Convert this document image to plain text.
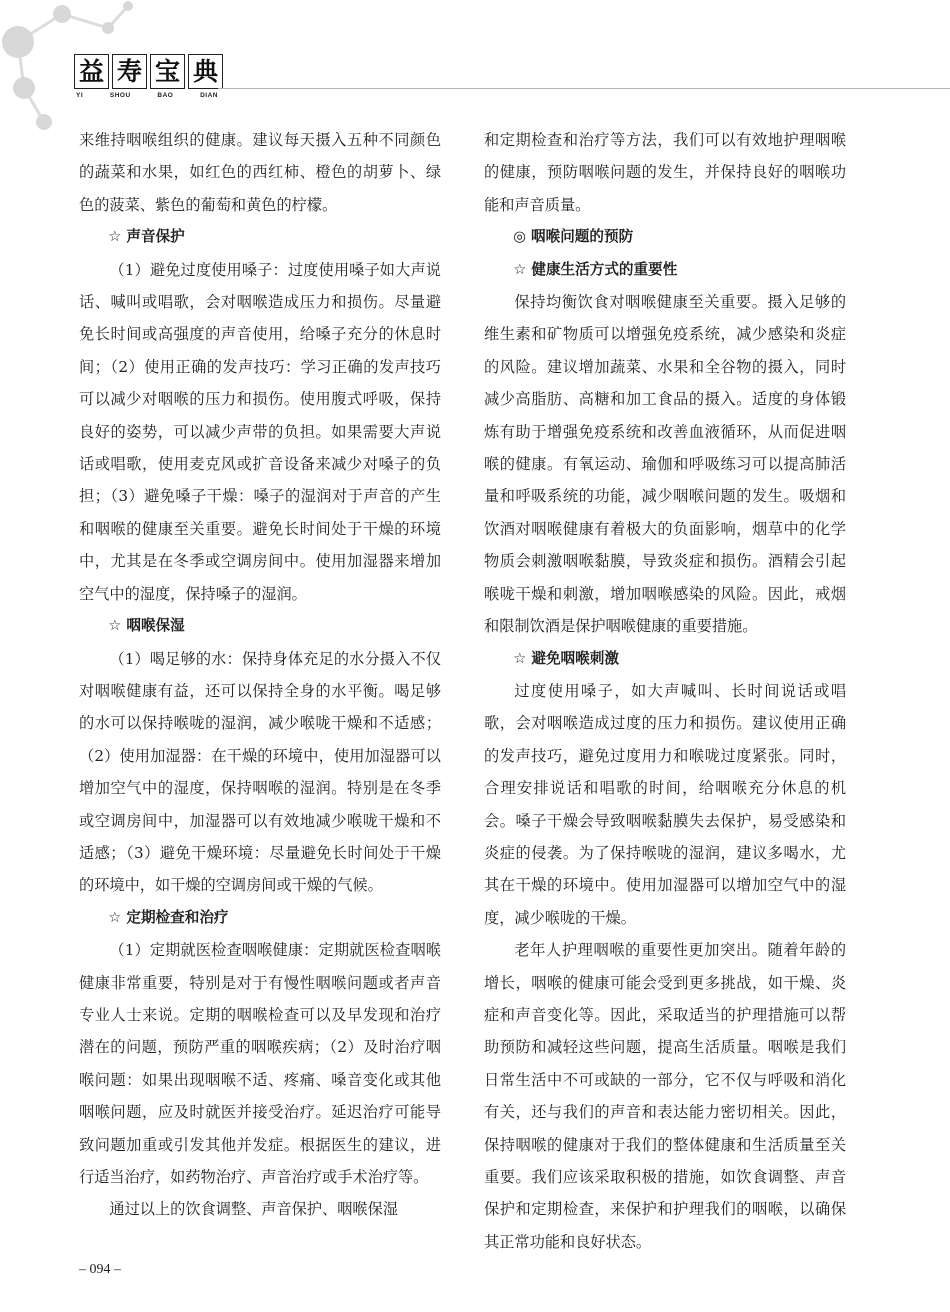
益 寿 宝 典
YI	SHOU	BAO	DIAN

来维持咽喉组织的健康。建议每天摄入五种不同颜色的蔬菜和水果，如红色的西红柿、橙色的胡萝卜、绿色的菠菜、紫色的葡萄和黄色的柠檬。

☆ 声音保护

（1）避免过度使用嗓子：过度使用嗓子如大声说话、喊叫或唱歌，会对咽喉造成压力和损伤。尽量避免长时间或高强度的声音使用，给嗓子充分的休息时间；（2）使用正确的发声技巧：学习正确的发声技巧可以减少对咽喉的压力和损伤。使用腹式呼吸，保持良好的姿势，可以减少声带的负担。如果需要大声说话或唱歌，使用麦克风或扩音设备来减少对嗓子的负担；（3）避免嗓子干燥：嗓子的湿润对于声音的产生和咽喉的健康至关重要。避免长时间处于干燥的环境中，尤其是在冬季或空调房间中。使用加湿器来增加空气中的湿度，保持嗓子的湿润。

☆ 咽喉保湿

（1）喝足够的水：保持身体充足的水分摄入不仅对咽喉健康有益，还可以保持全身的水平衡。喝足够的水可以保持喉咙的湿润，减少喉咙干燥和不适感；（2）使用加湿器：在干燥的环境中，使用加湿器可以增加空气中的湿度，保持咽喉的湿润。特别是在冬季或空调房间中，加湿器可以有效地减少喉咙干燥和不适感；（3）避免干燥环境：尽量避免长时间处于干燥的环境中，如干燥的空调房间或干燥的气候。

☆ 定期检查和治疗

（1）定期就医检查咽喉健康：定期就医检查咽喉健康非常重要，特别是对于有慢性咽喉问题或者声音专业人士来说。定期的咽喉检查可以及早发现和治疗潜在的问题，预防严重的咽喉疾病；（2）及时治疗咽喉问题：如果出现咽喉不适、疼痛、嗓音变化或其他咽喉问题，应及时就医并接受治疗。延迟治疗可能导致问题加重或引发其他并发症。根据医生的建议，进行适当治疗，如药物治疗、声音治疗或手术治疗等。

通过以上的饮食调整、声音保护、咽喉保湿

和定期检查和治疗等方法，我们可以有效地护理咽喉的健康，预防咽喉问题的发生，并保持良好的咽喉功能和声音质量。

◎ 咽喉问题的预防

☆ 健康生活方式的重要性

保持均衡饮食对咽喉健康至关重要。摄入足够的维生素和矿物质可以增强免疫系统，减少感染和炎症的风险。建议增加蔬菜、水果和全谷物的摄入，同时减少高脂肪、高糖和加工食品的摄入。适度的身体锻炼有助于增强免疫系统和改善血液循环，从而促进咽喉的健康。有氧运动、瑜伽和呼吸练习可以提高肺活量和呼吸系统的功能，减少咽喉问题的发生。吸烟和饮酒对咽喉健康有着极大的负面影响，烟草中的化学物质会刺激咽喉黏膜，导致炎症和损伤。酒精会引起喉咙干燥和刺激，增加咽喉感染的风险。因此，戒烟和限制饮酒是保护咽喉健康的重要措施。

☆ 避免咽喉刺激

过度使用嗓子，如大声喊叫、长时间说话或唱歌，会对咽喉造成过度的压力和损伤。建议使用正确的发声技巧，避免过度用力和喉咙过度紧张。同时，合理安排说话和唱歌的时间，给咽喉充分休息的机会。嗓子干燥会导致咽喉黏膜失去保护，易受感染和炎症的侵袭。为了保持喉咙的湿润，建议多喝水，尤其在干燥的环境中。使用加湿器可以增加空气中的湿度，减少喉咙的干燥。

老年人护理咽喉的重要性更加突出。随着年龄的增长，咽喉的健康可能会受到更多挑战，如干燥、炎症和声音变化等。因此，采取适当的护理措施可以帮助预防和减轻这些问题，提高生活质量。咽喉是我们日常生活中不可或缺的一部分，它不仅与呼吸和消化有关，还与我们的声音和表达能力密切相关。因此，保持咽喉的健康对于我们的整体健康和生活质量至关重要。我们应该采取积极的措施，如饮食调整、声音保护和定期检查，来保护和护理我们的咽喉，以确保其正常功能和良好状态。

– 094 –
